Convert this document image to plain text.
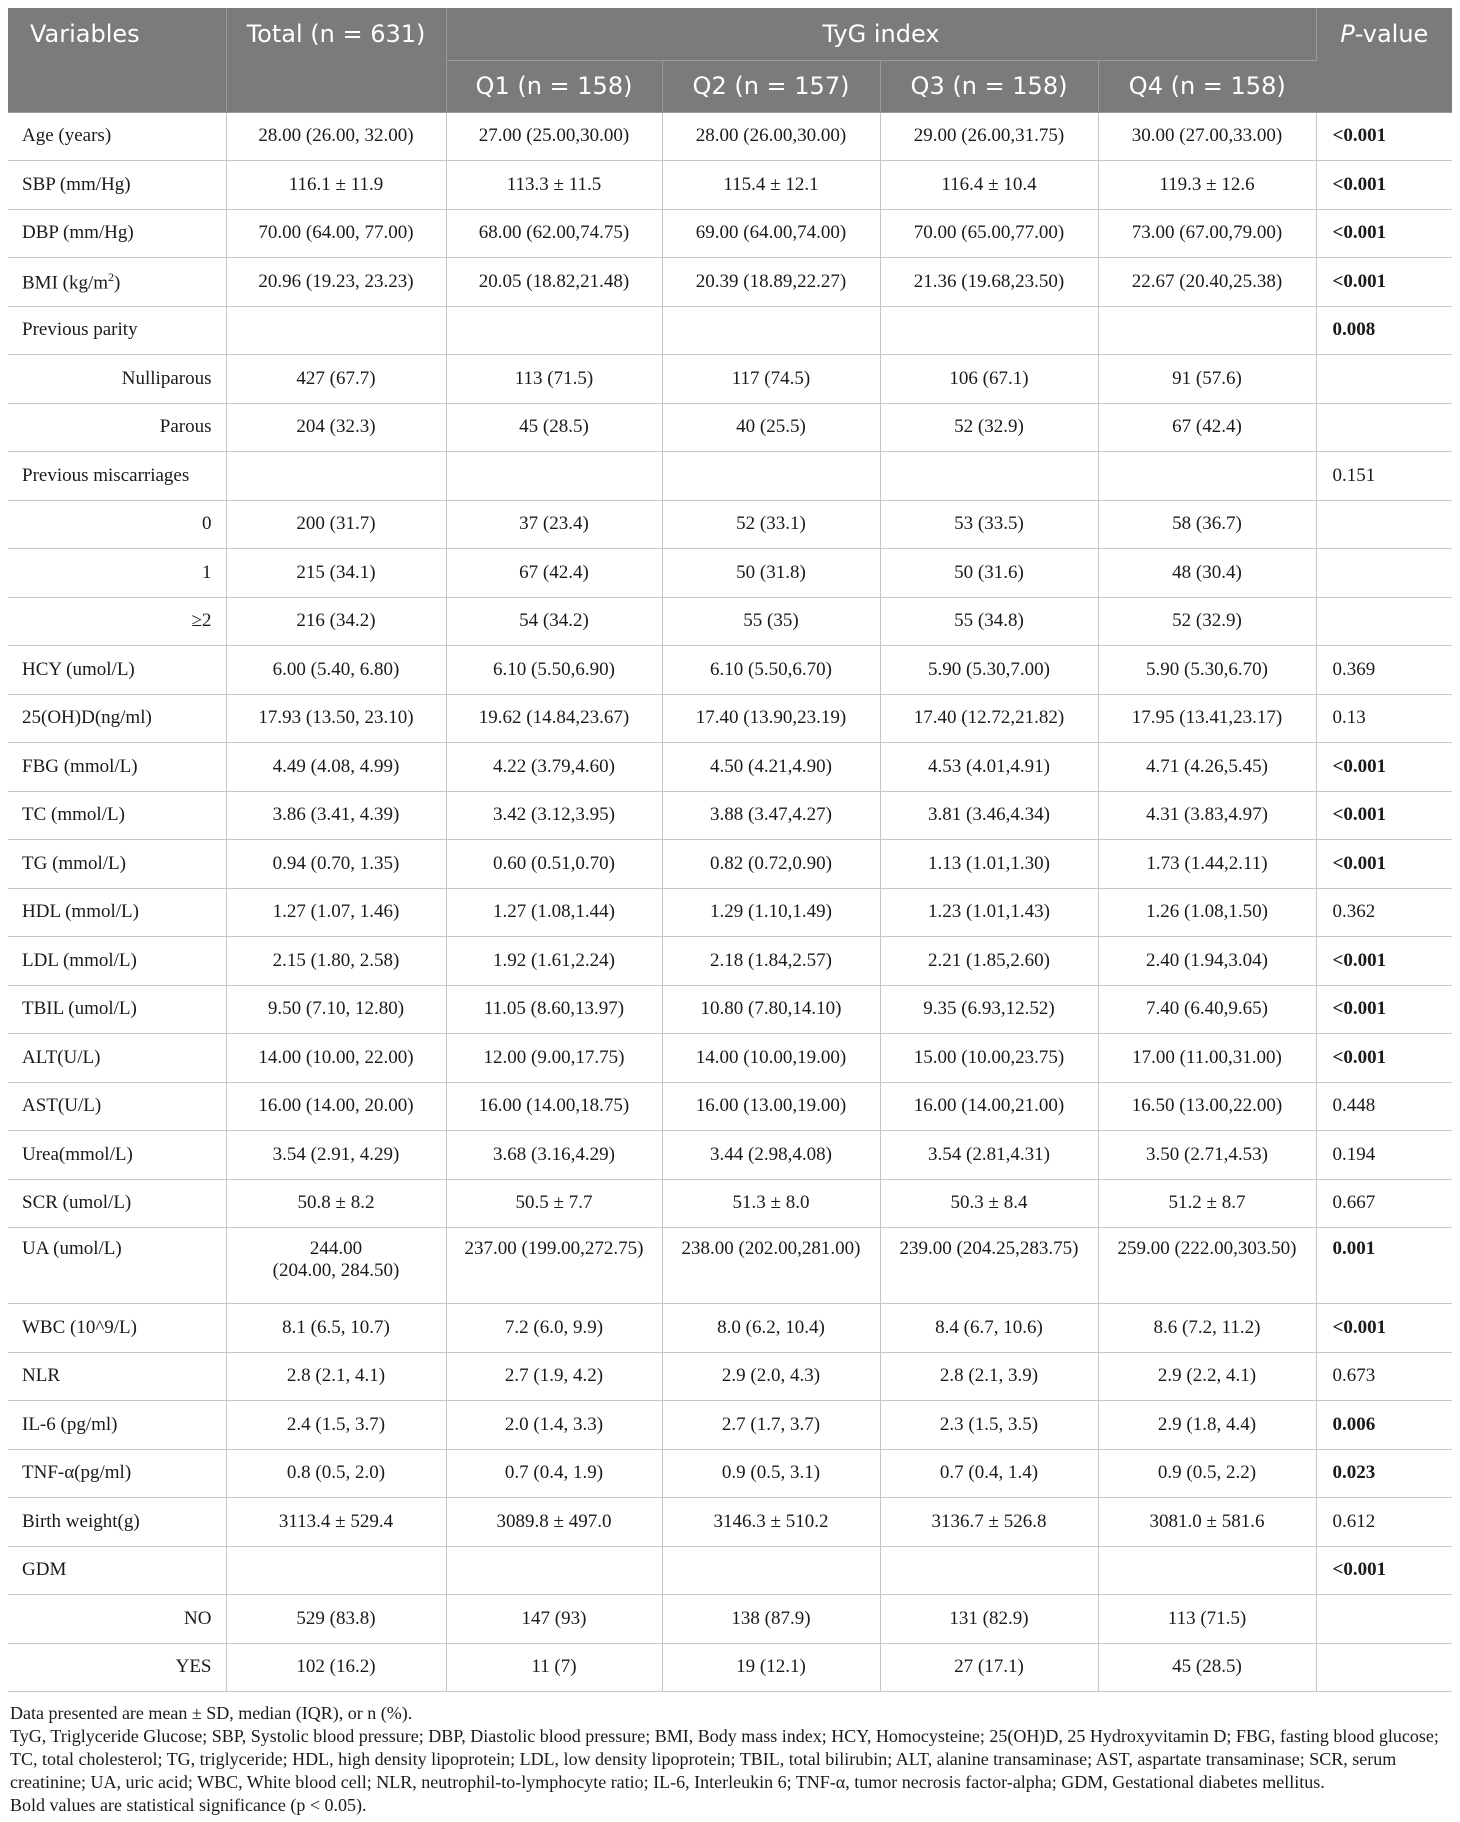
Variables	Total (n = 631)	TyG index				P-value
		Q1 (n = 158)	Q2 (n = 157)	Q3 (n = 158)	Q4 (n = 158)	
Age (years)	28.00 (26.00, 32.00)	27.00 (25.00,30.00)	28.00 (26.00,30.00)	29.00 (26.00,31.75)	30.00 (27.00,33.00)	<0.001
SBP (mm/Hg)	116.1 ± 11.9	113.3 ± 11.5	115.4 ± 12.1	116.4 ± 10.4	119.3 ± 12.6	<0.001
DBP (mm/Hg)	70.00 (64.00, 77.00)	68.00 (62.00,74.75)	69.00 (64.00,74.00)	70.00 (65.00,77.00)	73.00 (67.00,79.00)	<0.001
BMI $(kg/m^2)$	20.96 (19.23, 23.23)	20.05 (18.82,21.48)	20.39 (18.89,22.27)	21.36 (19.68,23.50)	22.67 (20.40,25.38)	<0.001
Previous parity						0.008
Nulliparous	427 (67.7)	113 (71.5)	117 (74.5)	106 (67.1)	91 (57.6)	
Parous	204 (32.3)	45 (28.5)	40 (25.5)	52 (32.9)	67 (42.4)	
Previous miscarriages						0.151
0	200 (31.7)	37 (23.4)	52 (33.1)	53 (33.5)	58 (36.7)	
1	215 (34.1)	67 (42.4)	50 (31.8)	50 (31.6)	48 (30.4)	
≥2	216 (34.2)	54 (34.2)	55 (35)	55 (34.8)	52 (32.9)	
HCY (umol/L)	6.00 (5.40, 6.80)	6.10 (5.50,6.90)	6.10 (5.50,6.70)	5.90 (5.30,7.00)	5.90 (5.30,6.70)	0.369
25(OH)D(ng/ml)	17.93 (13.50, 23.10)	19.62 (14.84,23.67)	17.40 (13.90,23.19)	17.40 (12.72,21.82)	17.95 (13.41,23.17)	0.13
FBG (mmol/L)	4.49 (4.08, 4.99)	4.22 (3.79,4.60)	4.50 (4.21,4.90)	4.53 (4.01,4.91)	4.71 (4.26,5.45)	<0.001
TC (mmol/L)	3.86 (3.41, 4.39)	3.42 (3.12,3.95)	3.88 (3.47,4.27)	3.81 (3.46,4.34)	4.31 (3.83,4.97)	<0.001
TG (mmol/L)	0.94 (0.70, 1.35)	0.60 (0.51,0.70)	0.82 (0.72,0.90)	1.13 (1.01,1.30)	1.73 (1.44,2.11)	<0.001
HDL (mmol/L)	1.27 (1.07, 1.46)	1.27 (1.08,1.44)	1.29 (1.10,1.49)	1.23 (1.01,1.43)	1.26 (1.08,1.50)	0.362
LDL (mmol/L)	2.15 (1.80, 2.58)	1.92 (1.61,2.24)	2.18 (1.84,2.57)	2.21 (1.85,2.60)	2.40 (1.94,3.04)	<0.001
TBIL (umol/L)	9.50 (7.10, 12.80)	11.05 (8.60,13.97)	10.80 (7.80,14.10)	9.35 (6.93,12.52)	7.40 (6.40,9.65)	<0.001
ALT(U/L)	14.00 (10.00, 22.00)	12.00 (9.00,17.75)	14.00 (10.00,19.00)	15.00 (10.00,23.75)	17.00 (11.00,31.00)	<0.001
AST(U/L)	16.00 (14.00, 20.00)	16.00 (14.00,18.75)	16.00 (13.00,19.00)	16.00 (14.00,21.00)	16.50 (13.00,22.00)	0.448
Urea(mmol/L)	3.54 (2.91, 4.29)	3.68 (3.16,4.29)	3.44 (2.98,4.08)	3.54 (2.81,4.31)	3.50 (2.71,4.53)	0.194
SCR (umol/L)	50.8 ± 8.2	50.5 ± 7.7	51.3 ± 8.0	50.3 ± 8.4	51.2 ± 8.7	0.667
UA (umol/L)	244.00
(204.00, 284.50)	237.00 (199.00,272.75)	238.00 (202.00,281.00)	239.00 (204.25,283.75)	259.00 (222.00,303.50)	0.001
WBC (10^9/L)	8.1 (6.5, 10.7)	7.2 (6.0, 9.9)	8.0 (6.2, 10.4)	8.4 (6.7, 10.6)	8.6 (7.2, 11.2)	<0.001
NLR	2.8 (2.1, 4.1)	2.7 (1.9, 4.2)	2.9 (2.0, 4.3)	2.8 (2.1, 3.9)	2.9 (2.2, 4.1)	0.673
IL-6 (pg/ml)	2.4 (1.5, 3.7)	2.0 (1.4, 3.3)	2.7 (1.7, 3.7)	2.3 (1.5, 3.5)	2.9 (1.8, 4.4)	0.006
TNF-α(pg/ml)	0.8 (0.5, 2.0)	0.7 (0.4, 1.9)	0.9 (0.5, 3.1)	0.7 (0.4, 1.4)	0.9 (0.5, 2.2)	0.023
Birth weight(g)	3113.4 ± 529.4	3089.8 ± 497.0	3146.3 ± 510.2	3136.7 ± 526.8	3081.0 ± 581.6	0.612
GDM						<0.001
NO	529 (83.8)	147 (93)	138 (87.9)	131 (82.9)	113 (71.5)	
YES	102 (16.2)	11 (7)	19 (12.1)	27 (17.1)	45 (28.5)	

Data presented are mean ± SD, median (IQR), or n (%).

TyG, Triglyceride Glucose; SBP, Systolic blood pressure; DBP, Diastolic blood pressure; BMI, Body mass index; HCY, Homocysteine; 25(OH)D, 25 Hydroxyvitamin D; FBG, fasting blood glucose; TC, total cholesterol; TG, triglyceride; HDL, high density lipoprotein; LDL, low density lipoprotein; TBIL, total bilirubin; ALT, alanine transaminase; AST, aspartate transaminase; SCR, serum creatinine; UA, uric acid; WBC, White blood cell; NLR, neutrophil-to-lymphocyte ratio; IL-6, Interleukin 6; TNF-α, tumor necrosis factor-alpha; GDM, Gestational diabetes mellitus.

Bold values are statistical significance (p < 0.05).
